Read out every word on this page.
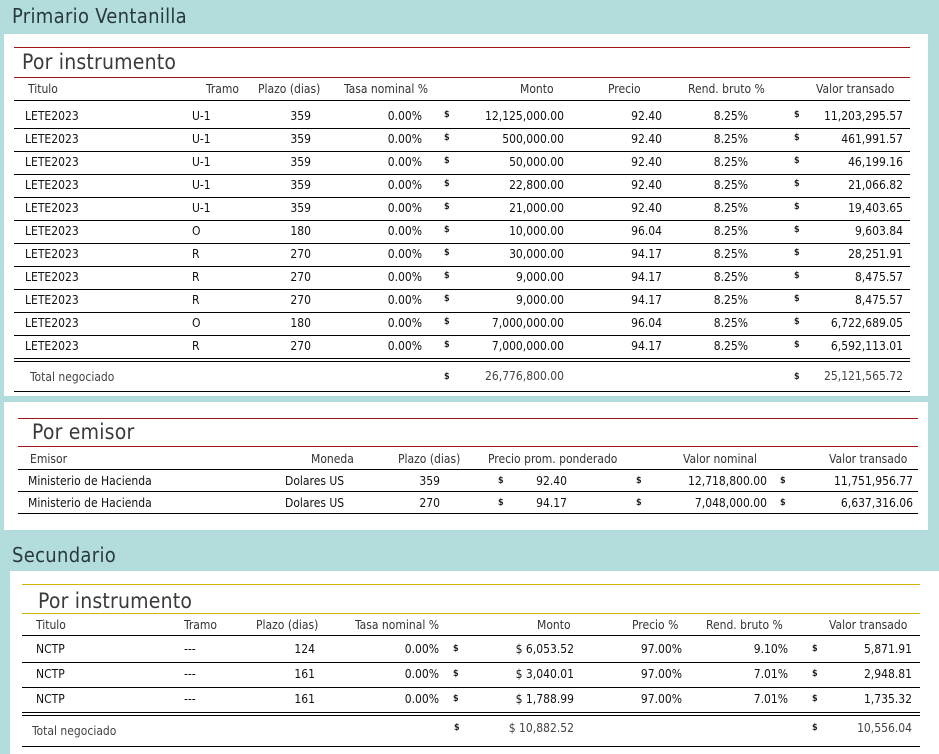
Primario Ventanilla
Por instrumento
Titulo	Tramo Plazo (dias) Tasa nominal %	Monto	Precio	Rend. bruto %	Valor transado
LETE2023	U-1	359	0.00% $	12,125,000.00	92.40	8.25%	$	11,203,295.57
LETE2023	U-1	359	0.00% $	500,000.00	92.40	8.25%	$	461,991.57
LETE2023	U-1	359	0.00% $	50,000.00	92.40	8.25%	$	46,199.16
LETE2023	U-1	359	0.00% $	22,800.00	92.40	8.25%	$	21,066.82
LETE2023	U-1	359	0.00% $	21,000.00	92.40	8.25%	$	19,403.65
LETE2023	O	180	0.00% $	10,000.00	96.04	8.25%	$	9,603.84
LETE2023	R	270	0.00% $	30,000.00	94.17	8.25%	$	28,251.91
LETE2023	R	270	0.00% $	9,000.00	94.17	8.25%	$	8,475.57
LETE2023	R	270	0.00% $	9,000.00	94.17	8.25%	$	8,475.57
LETE2023	O	180	0.00% $	7,000,000.00	96.04	8.25%	$	6,722,689.05
LETE2023	R	270	0.00% $	7,000,000.00	94.17	8.25%	$	6,592,113.01
Total negociado	$	26,776,800.00	$	25,121,565.72
Por emisor
Emisor	Moneda	Plazo (dias) Precio prom. ponderado	Valor nominal	Valor transado
Ministerio de Hacienda	Dolares US	359	$	92.40	$	12,718,800.00 $	11,751,956.77
Ministerio de Hacienda	Dolares US	270	$	94.17	$	7,048,000.00 $	6,637,316.06
Secundario
Por instrumento
Titulo	Tramo	Plazo (dias)	Tasa nominal %	Monto	Precio % Rend. bruto %	Valor transado
NCTP	---	124	0.00% $	$ 6,053.52	97.00%	9.10%	$	5,871.91
NCTP	---	161	0.00% $	$ 3,040.01	97.00%	7.01%	$	2,948.81
NCTP	---	161	0.00% $	$ 1,788.99	97.00%	7.01%	$	1,735.32
Total negociado	$	$ 10,882.52	$	10,556.04
